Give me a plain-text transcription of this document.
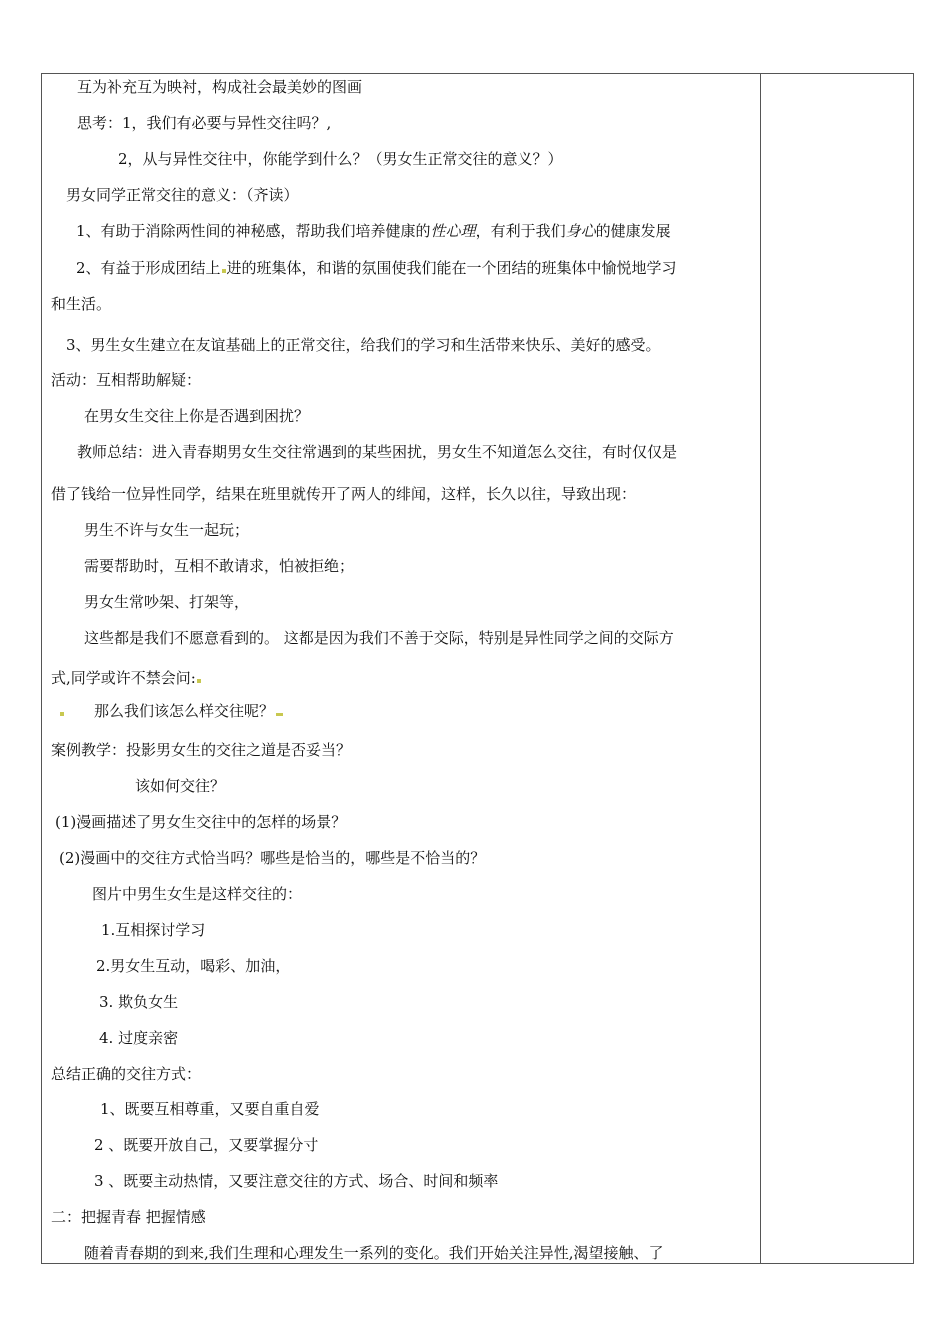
互为补充互为映衬，构成社会最美妙的图画
思考：1，我们有必要与异性交往吗？,
2，从与异性交往中，你能学到什么？（男女生正常交往的意义？）
男女同学正常交往的意义：（齐读）
1、有助于消除两性间的神秘感，帮助我们培养健康的性心理，有利于我们身心的健康发展
2、有益于形成团结上 进的班集体，和谐的氛围使我们能在一个团结的班集体中愉悦地学习
和生活。
3、男生女生建立在友谊基础上的正常交往，给我们的学习和生活带来快乐、美好的感受。
活动：互相帮助解疑：
在男女生交往上你是否遇到困扰？
教师总结：进入青春期男女生交往常遇到的某些困扰，男女生不知道怎么交往，有时仅仅是
借了钱给一位异性同学，结果在班里就传开了两人的绯闻，这样，长久以往，导致出现：
男生不许与女生一起玩；
需要帮助时，互相不敢请求，怕被拒绝；
男女生常吵架、打架等，
这些都是我们不愿意看到的。 这都是因为我们不善于交际，特别是异性同学之间的交际方
式,同学或许不禁会问:
那么我们该怎么样交往呢？
案例教学：投影男女生的交往之道是否妥当？
该如何交往？
(1)漫画描述了男女生交往中的怎样的场景？
(2)漫画中的交往方式恰当吗？哪些是恰当的，哪些是不恰当的？
图片中男生女生是这样交往的：
1.互相探讨学习
2.男女生互动，喝彩、加油，
3. 欺负女生
4. 过度亲密
总结正确的交往方式：
1、既要互相尊重，又要自重自爱
2 、既要开放自己，又要掌握分寸
3 、既要主动热情，又要注意交往的方式、场合、时间和频率
二：把握青春 把握情感
随着青春期的到来,我们生理和心理发生一系列的变化。我们开始关注异性,渴望接触、了
